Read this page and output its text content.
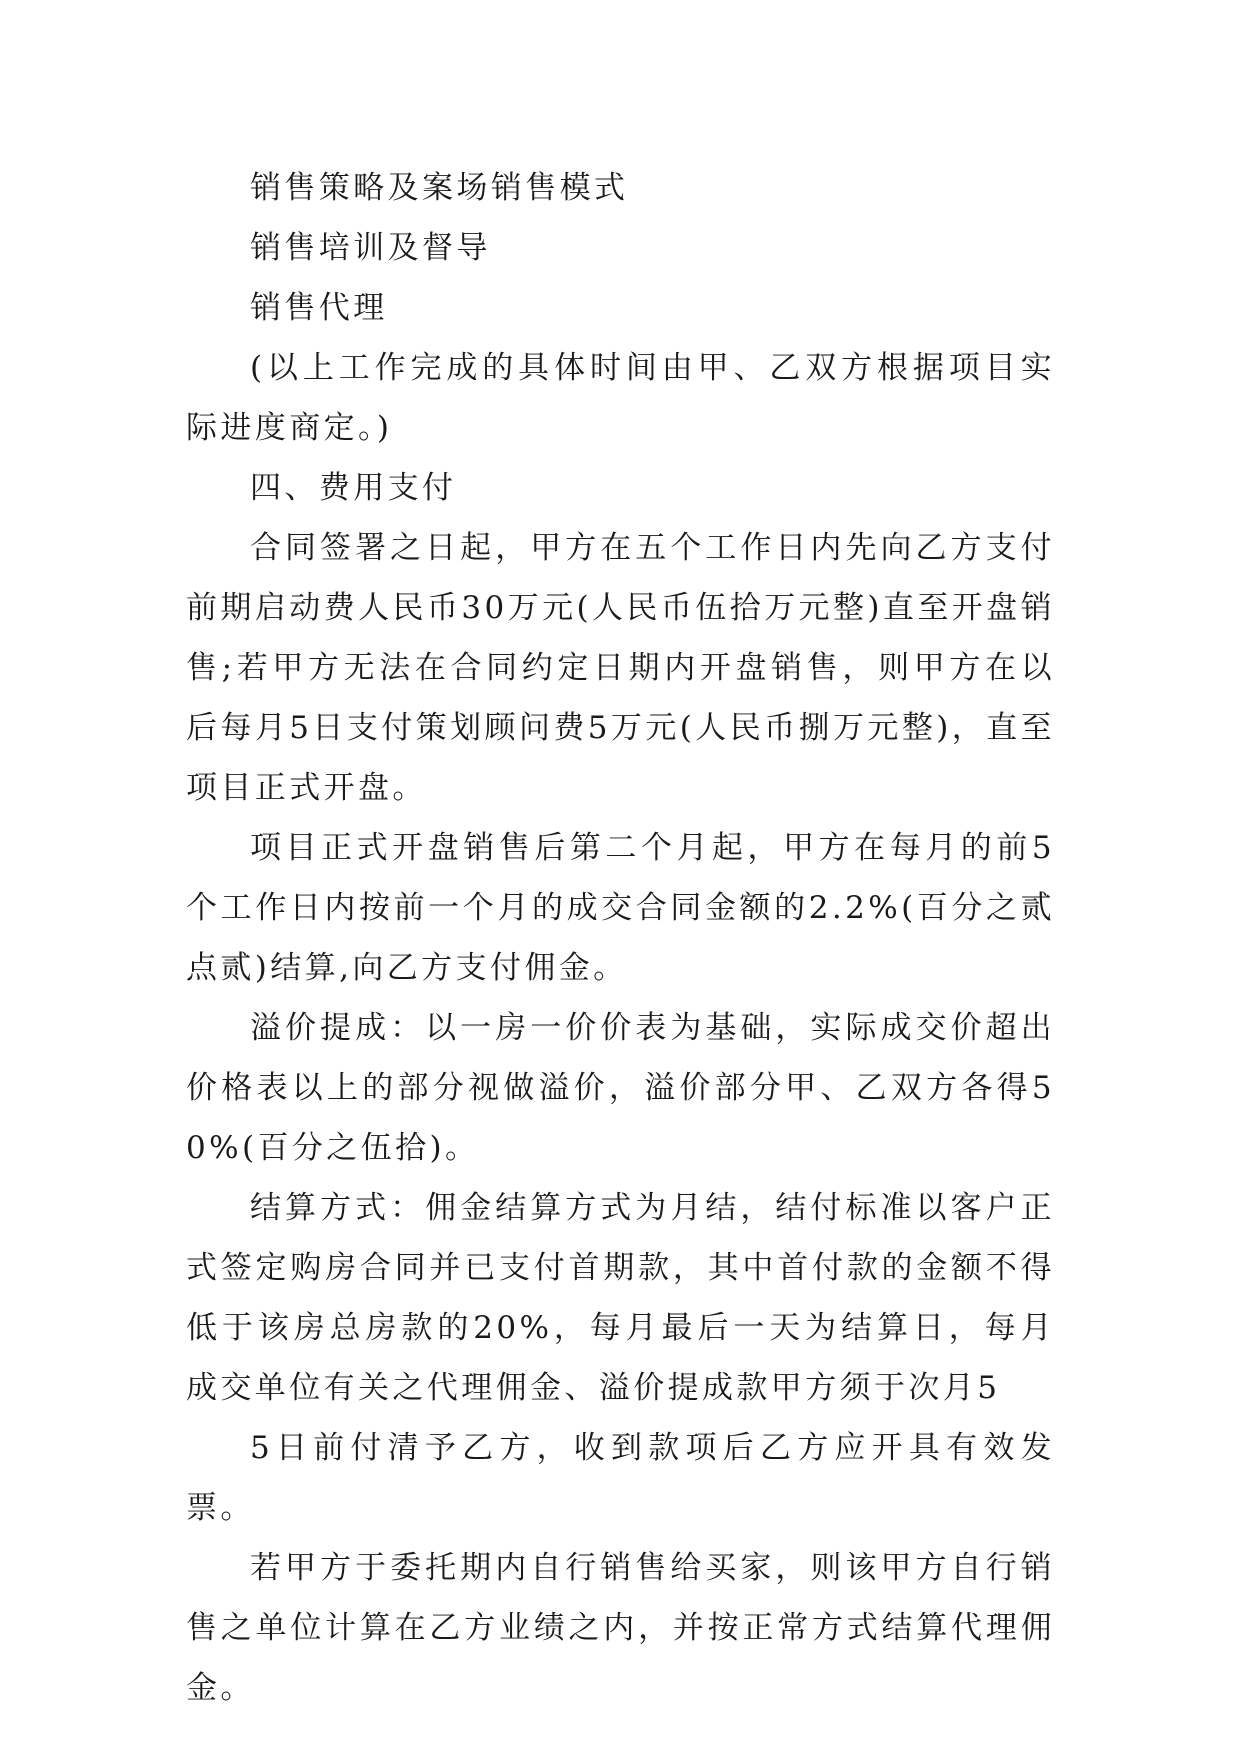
销售策略及案场销售模式

销售培训及督导

销售代理

(以上工作完成的具体时间由甲、乙双方根据项目实际进度商定。)

四、费用支付

合同签署之日起，甲方在五个工作日内先向乙方支付前期启动费人民币30万元(人民币伍拾万元整)直至开盘销售;若甲方无法在合同约定日期内开盘销售，则甲方在以后每月5日支付策划顾问费5万元(人民币捌万元整)，直至项目正式开盘。

项目正式开盘销售后第二个月起，甲方在每月的前5个工作日内按前一个月的成交合同金额的2.2%(百分之贰点贰)结算,向乙方支付佣金。

溢价提成：以一房一价价表为基础，实际成交价超出价格表以上的部分视做溢价，溢价部分甲、乙双方各得50%(百分之伍拾)。

结算方式：佣金结算方式为月结，结付标准以客户正式签定购房合同并已支付首期款，其中首付款的金额不得低于该房总房款的20%，每月最后一天为结算日，每月成交单位有关之代理佣金、溢价提成款甲方须于次月5

5日前付清予乙方，收到款项后乙方应开具有效发票。

若甲方于委托期内自行销售给买家，则该甲方自行销售之单位计算在乙方业绩之内，并按正常方式结算代理佣金。
